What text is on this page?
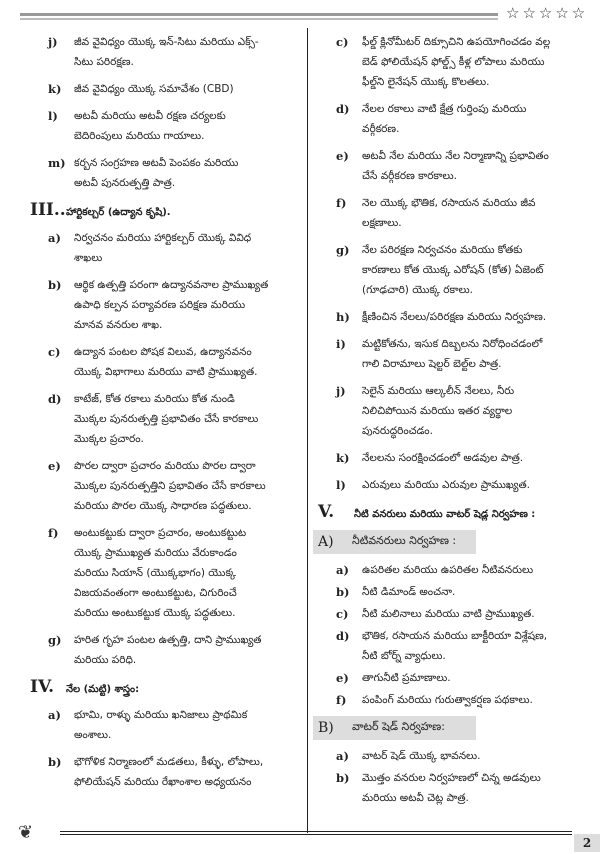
☆☆☆☆☆
j)	జీవ వైవిధ్యం యొక్క ఇన్-సిటు మరియు ఎక్స్-
సిటు పరిరక్షణ.
k)	జీవ వైవిధ్యం యొక్క సమావేశం (CBD)
l)	అటవీ మరియు అటవీ రక్షణ చర్యలకు
బెదిరింపులు మరియు గాయాలు.
m) కర్బన సంగ్రహణ అటవీ పెంపకం మరియు
అటవీ పునరుత్పత్తి పాత్ర.
III.. హార్టికల్చర్ (ఉద్యాన కృషి).
a)	నిర్వచనం మరియు హార్టికల్చర్ యొక్క వివిధ
శాఖలు
b)	ఆర్థిక ఉత్పత్తి పరంగా ఉద్యానవనాల ప్రాముఖ్యత
ఉపాధి కల్పన పర్యావరణ పరిక్షణ మరియు
మానవ వనరుల శాఖ.
c)	ఉద్యాన పంటల పోషక విలువ, ఉద్యానవనం
యొక్క విభాగాలు మరియు వాటి ప్రాముఖ్యత.
d)	కాటేజ్, కోత రకాలు మరియు కోత నుండి
మొక్కల పునరుత్పత్తి ప్రభావితం చేసే కారకాలు
మొక్కల ప్రచారం.
e)	పొరల ద్వారా ప్రచారం మరియు పొరల ద్వారా
మొక్కల పునరుత్పత్తిని ప్రభావితం చేసే కారకాలు
మరియు పొరల యొక్క సాధారణ పద్ధతులు.
f)	అంటుకట్టుకు ద్వారా ప్రచారం, అంటుకట్టుట
యొక్క ప్రాముఖ్యత మరియు వేరుకాండం
మరియు సియాన్ (యొక్కభాగం) యొక్క
విజయవంతంగా అంటుకట్టుట, చిగురించే
మరియు అంటుకట్టుక యొక్క పద్ధతులు.
g)	హరిత గృహ పంటల ఉత్పత్తి, దాని ప్రాముఖ్యత
మరియు పరిధి.
IV.	నేల (మట్టి) శాస్త్రం:
a)	భూమి, రాళ్ళు మరియు ఖనిజాలు ప్రాథమిక
అంశాలు.
b)	భౌగోళిక నిర్మాణంలో మడతలు, కీళ్ళు, లోపాలు,
ఫోలియేషన్ మరియు రేఖాంశాల అధ్యయనం
c)	ఫీల్డ్ క్లినోమీటర్ దిక్సూచిని ఉపయోగించడం వల్ల
బెడ్ ఫోలియేషన్ ఫోల్డ్స్ కీళ్ల లోపాలు మరియు
ఫీల్డ్‌ని లైనేషన్ యొక్క కొలతలు.
d)	నేలల రకాలు వాటి క్షేత్ర గుర్తింపు మరియు
వర్గీకరణ.
e)	అటవీ నేల మరియు నేల నిర్మాణాన్ని ప్రభావితం
చేసే వర్గీకరణ కారకాలు.
f)	నెల యొక్క భౌతిక, రసాయన మరియు జీవ
లక్షణాలు.
g)	నేల పరిరక్షణ నిర్వచనం మరియు కోతకు
కారణాలు కోత యొక్క ఎరోషన్ (కోత) ఏజెంట్
(గూఢచారి) యొక్క రకాలు.
h)	క్షీణించిన నేలలు/పరిరక్షణ మరియు నిర్వహణ.
i)	మట్టికోతను, ఇసుక దిబ్బలను నిరోధించడంలో
గాలి విరామాలు షెల్టర్ బెల్ట్‌ల పాత్ర.
j)	సెలైన్ మరియు ఆల్కలీన్ నేలలు, నీరు
నిలిచిపోయిన మరియు ఇతర వ్యర్థాల
పునరుద్ధరించడం.
k)	నేలలను సంరక్షించడంలో అడవుల పాత్ర.
l)	ఎరువులు మరియు ఎరువుల ప్రాముఖ్యత.
V.	నీటి వనరులు మరియు వాటర్ షెడ్ల నిర్వహణ :
A)	నీటివనరులు నిర్వహణ :
a)	ఉపరితల మరియు ఉపరితల నీటివనరులు
b)	నీటి డిమాండ్ అంచనా.
c)	నీటి మలినాలు మరియు వాటి ప్రాముఖ్యత.
d)	భౌతిక, రసాయన మరియు బాక్టీరియా విశ్లేషణ,
నీటి బోర్న్ వ్యాధులు.
e)	తాగునీటి ప్రమాణాలు.
f)	పంపింగ్ మరియు గురుత్వాకర్షణ పథకాలు.
B)	వాటర్ షెడ్ నిర్వహణ:
a)	వాటర్ షెడ్ యొక్క భావనలు.
b)	మొత్తం వనరుల నిర్వహణలో చిన్న అడవులు
మరియు అటవీ చెట్ల పాత్ర.
❦	2
